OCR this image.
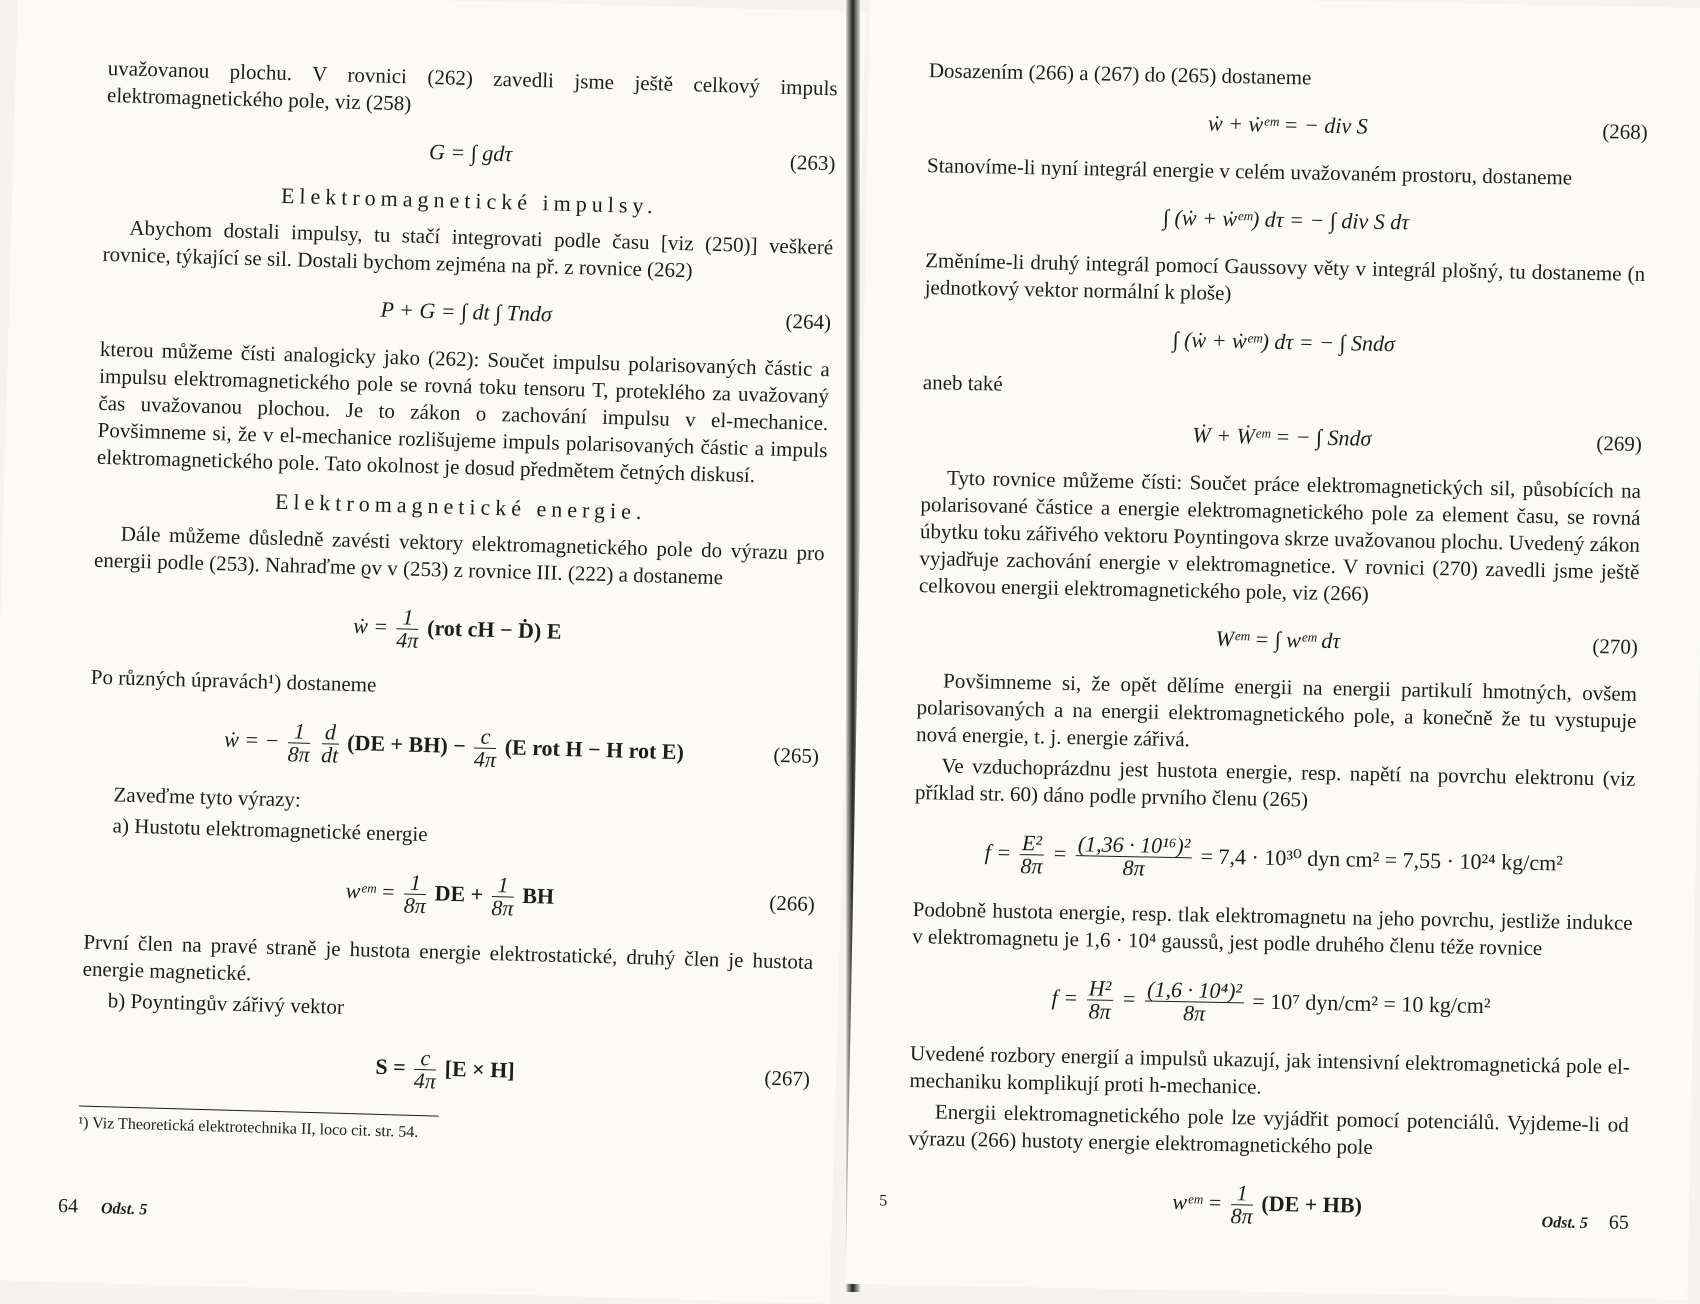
uvažovanou plochu. V rovnici (262) zavedli jsme ještě celkový impuls elektromagnetického pole, viz (258)

G = ∫ gdτ	(263)
Elektromagnetické impulsy.

Abychom dostali impulsy, tu stačí integrovati podle času [viz (250)] veškeré rovnice, týkající se sil. Dostali bychom zejména na př. z rovnice (262)

P + G = ∫ dt ∫ Tndσ	(264)

kterou můžeme čísti analogicky jako (262): Součet impulsu polarisovaných částic a impulsu elektromagnetického pole se rovná toku tensoru T, proteklého za uvažovaný čas uvažovanou plochou. Je to zákon o zachování impulsu v el-mechanice. Povšimneme si, že v el-mechanice rozlišujeme impuls polarisovaných částic a impuls elektromagnetického pole. Tato okolnost je dosud předmětem četných diskusí.

Elektromagnetické energie.

Dále můžeme důsledně zavésti vektory elektromagnetického pole do výrazu pro energii podle (253). Nahraďme ϱv v (253) z rovnice III. (222) a dostaneme

ẇ = $\frac{1}{4\pi} (rot$ cH − Ḋ) E

Po různých úpravách¹) dostaneme

ẇ = − $\frac{1}{8\pi}$
$\frac{d}{dt} (DE + BH) - \frac{c}{4\pi} (E$ rot H − H rot E)	(265)

Zaveďme tyto výrazy:

a) Hustotu elektromagnetické energie

wᵉᵐ = $\frac{1}{8\pi}$ DE + $\frac{1}{8\pi}$ BH	(266)

První člen na pravé straně je hustota energie elektrostatické, druhý člen je hustota energie magnetické.

b) Poyntingův zářivý vektor

$S = \frac{c}{4\pi} [E \times H]$	(267)
¹) Viz Theoretická elektrotechnika II, loco cit. str. 54.
64 Odst. 5

Dosazením (266) a (267) do (265) dostaneme

ẇ + ẇᵉᵐ = − div S	(268)

Stanovíme-li nyní integrál energie v celém uvažovaném prostoru, dostaneme

∫ (ẇ + ẇᵉᵐ) dτ = − ∫ div S dτ

Změníme-li druhý integrál pomocí Gaussovy věty v integrál plošný, tu dostaneme (n jednotkový vektor normální k ploše)

∫ (ẇ + ẇᵉᵐ) dτ = − ∫ Sndσ

aneb také

Ẇ + Ẇᵉᵐ = − ∫ Sndσ	(269)

Tyto rovnice můžeme čísti: Součet práce elektromagnetických sil, působících na polarisované částice a energie elektromagnetického pole za element času, se rovná úbytku toku zářivého vektoru Poyntingova skrze uvažovanou plochu. Uvedený zákon vyjadřuje zachování energie v elektromagnetice. V rovnici (270) zavedli jsme ještě celkovou energii elektromagnetického pole, viz (266)

Wᵉᵐ = ∫ wᵉᵐ dτ	(270)

Povšimneme si, že opět dělíme energii na energii partikulí hmotných, ovšem polarisovaných a na energii elektromagnetického pole, a konečně že tu vystupuje nová energie, t. j. energie zářivá.

Ve vzduchoprázdnu jest hustota energie, resp. napětí na povrchu elektronu (viz příklad str. 60) dáno podle prvního členu (265)

$f = \frac{\text{E²}}{8\pi} = \frac{\text{(1,36 · 10¹⁶)²}}{8\pi} = 7,4 \cdot 10^{30}$ dyn cm² = 7,55 · 10²⁴ kg/cm²

Podobně hustota energie, resp. tlak elektromagnetu na jeho povrchu, jestliže indukce v elektromagnetu je 1,6 · 10⁴ gaussů, jest podle druhého členu téže rovnice

$f = \frac{\text{H²}}{8\pi} = \frac{\text{(1,6 · 10⁴)²}}{8\pi} = 10^7$ dyn/cm² = 10 kg/cm²

Uvedené rozbory energií a impulsů ukazují, jak intensivní elektromagnetická pole el-mechaniku komplikují proti h-mechanice.

Energii elektromagnetického pole lze vyjádřit pomocí potenciálů. Vyjdeme-li od výrazu (266) hustoty energie elektromagnetického pole

wᵉᵐ = $\frac{1}{8\pi} (DE + HB)$
5
Odst. 5 65
